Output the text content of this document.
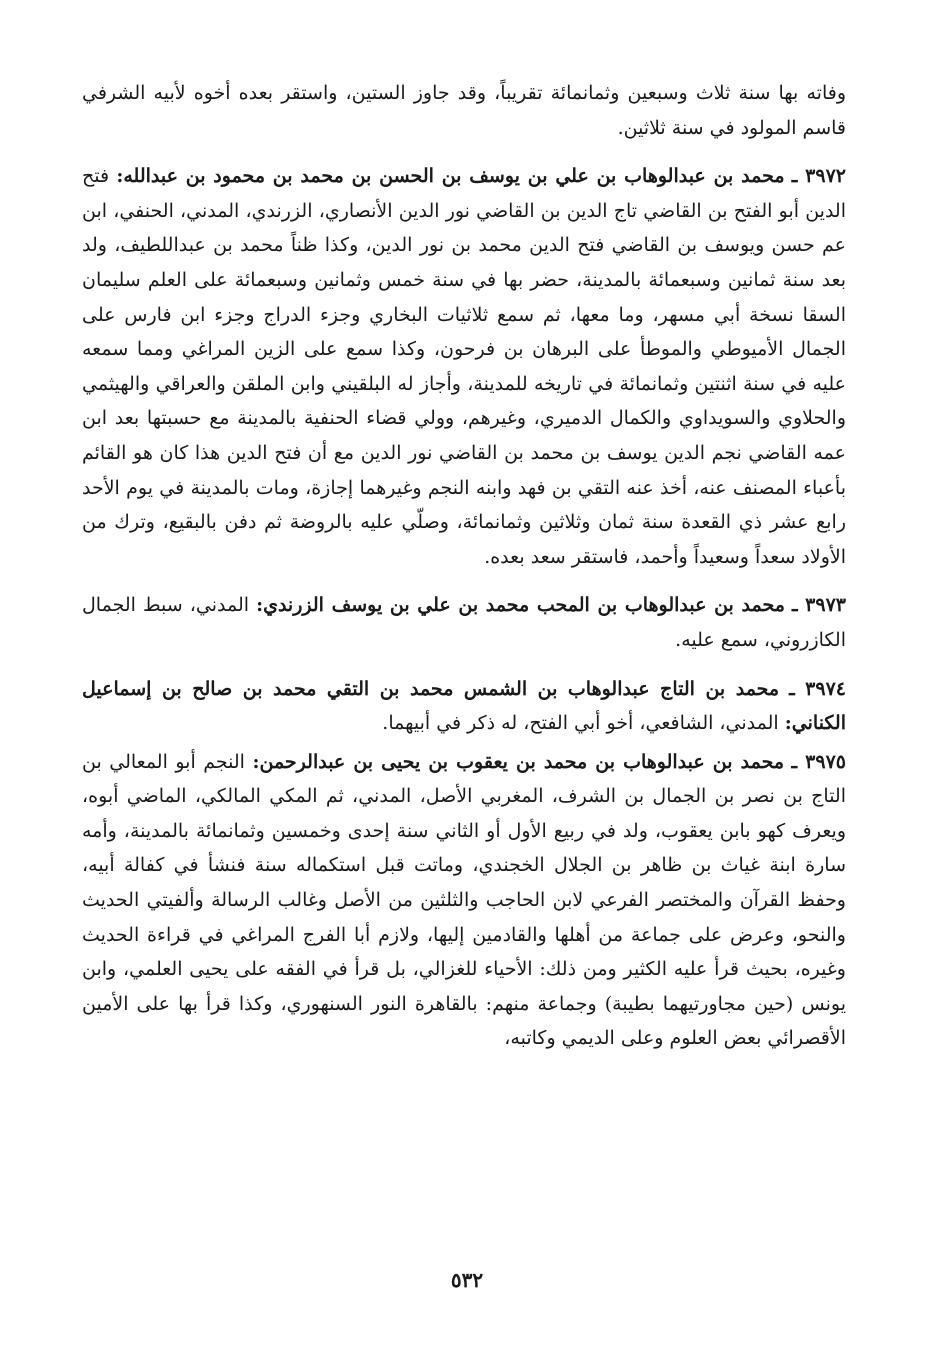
وفاته بها سنة ثلاث وسبعين وثمانمائة تقريباً، وقد جاوز الستين، واستقر بعده أخوه لأبيه الشرفي قاسم المولود في سنة ثلاثين.

٣٩٧٢ ـ محمد بن عبدالوهاب بن علي بن يوسف بن الحسن بن محمد بن محمود بن عبدالله: فتح الدين أبو الفتح بن القاضي تاج الدين بن القاضي نور الدين الأنصاري، الزرندي، المدني، الحنفي، ابن عم حسن ويوسف بن القاضي فتح الدين محمد بن نور الدين، وكذا ظناً محمد بن عبداللطيف، ولد بعد سنة ثمانين وسبعمائة بالمدينة، حضر بها في سنة خمس وثمانين وسبعمائة على العلم سليمان السقا نسخة أبي مسهر، وما معها، ثم سمع ثلاثيات البخاري وجزء الدراج وجزء ابن فارس على الجمال الأميوطي والموطأ على البرهان بن فرحون، وكذا سمع على الزين المراغي ومما سمعه عليه في سنة اثنتين وثمانمائة في تاريخه للمدينة، وأجاز له البلقيني وابن الملقن والعراقي والهيثمي والحلاوي والسويداوي والكمال الدميري، وغيرهم، وولي قضاء الحنفية بالمدينة مع حسبتها بعد ابن عمه القاضي نجم الدين يوسف بن محمد بن القاضي نور الدين مع أن فتح الدين هذا كان هو القائم بأعباء المصنف عنه، أخذ عنه التقي بن فهد وابنه النجم وغيرهما إجازة، ومات بالمدينة في يوم الأحد رابع عشر ذي القعدة سنة ثمان وثلاثين وثمانمائة، وصلّي عليه بالروضة ثم دفن بالبقيع، وترك من الأولاد سعداً وسعيداً وأحمد، فاستقر سعد بعده.

٣٩٧٣ ـ محمد بن عبدالوهاب بن المحب محمد بن علي بن يوسف الزرندي: المدني، سبط الجمال الكازروني، سمع عليه.

٣٩٧٤ ـ محمد بن التاج عبدالوهاب بن الشمس محمد بن التقي محمد بن صالح بن إسماعيل الكناني: المدني، الشافعي، أخو أبي الفتح، له ذكر في أبيهما.

٣٩٧٥ ـ محمد بن عبدالوهاب بن محمد بن يعقوب بن يحيى بن عبدالرحمن: النجم أبو المعالي بن التاج بن نصر بن الجمال بن الشرف، المغربي الأصل، المدني، ثم المكي المالكي، الماضي أبوه، ويعرف كهو بابن يعقوب، ولد في ربيع الأول أو الثاني سنة إحدى وخمسين وثمانمائة بالمدينة، وأمه سارة ابنة غياث بن ظاهر بن الجلال الخجندي، وماتت قبل استكماله سنة فنشأ في كفالة أبيه، وحفظ القرآن والمختصر الفرعي لابن الحاجب والثلثين من الأصل وغالب الرسالة وألفيتي الحديث والنحو، وعرض على جماعة من أهلها والقادمين إليها، ولازم أبا الفرج المراغي في قراءة الحديث وغيره، بحيث قرأ عليه الكثير ومن ذلك: الأحياء للغزالي، بل قرأ في الفقه على يحيى العلمي، وابن يونس (حين مجاورتيهما بطيبة) وجماعة منهم: بالقاهرة النور السنهوري، وكذا قرأ بها على الأمين الأقصرائي بعض العلوم وعلى الديمي وكاتبه،

٥٣٢
